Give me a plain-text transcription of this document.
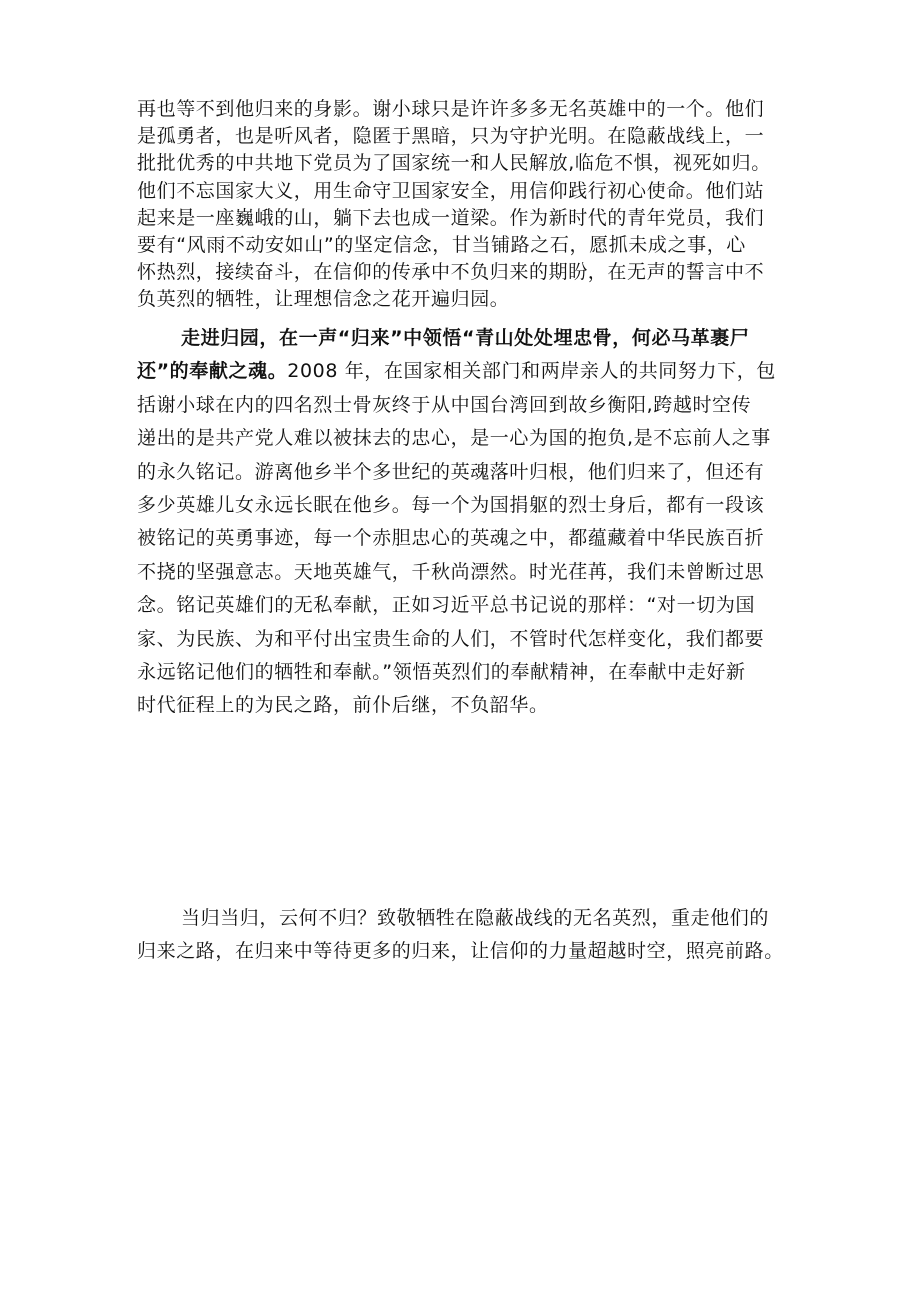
再也等不到他归来的身影。谢小球只是许许多多无名英雄中的一个。他们
是孤勇者，也是听风者，隐匿于黑暗，只为守护光明。在隐蔽战线上，一
批批优秀的中共地下党员为了国家统一和人民解放,临危不惧，视死如归。
他们不忘国家大义，用生命守卫国家安全，用信仰践行初心使命。他们站
起来是一座巍峨的山，躺下去也成一道梁。作为新时代的青年党员，我们
要有“风雨不动安如山”的坚定信念，甘当铺路之石，愿抓未成之事，心
怀热烈，接续奋斗，在信仰的传承中不负归来的期盼，在无声的誓言中不
负英烈的牺牲，让理想信念之花开遍归园。
走进归园，在一声“归来”中领悟“青山处处埋忠骨，何必马革裹尸
还”的奉献之魂。2008 年，在国家相关部门和两岸亲人的共同努力下，包
括谢小球在内的四名烈士骨灰终于从中国台湾回到故乡衡阳,跨越时空传
递出的是共产党人难以被抹去的忠心，是一心为国的抱负,是不忘前人之事
的永久铭记。游离他乡半个多世纪的英魂落叶归根，他们归来了，但还有
多少英雄儿女永远长眠在他乡。每一个为国捐躯的烈士身后，都有一段该
被铭记的英勇事迹，每一个赤胆忠心的英魂之中，都蕴藏着中华民族百折
不挠的坚强意志。天地英雄气，千秋尚漂然。时光荏苒，我们未曾断过思
念。铭记英雄们的无私奉献，正如习近平总书记说的那样：“对一切为国
家、为民族、为和平付出宝贵生命的人们，不管时代怎样变化，我们都要
永远铭记他们的牺牲和奉献。”领悟英烈们的奉献精神，在奉献中走好新
时代征程上的为民之路，前仆后继，不负韶华。
当归当归，云何不归？致敬牺牲在隐蔽战线的无名英烈，重走他们的
归来之路，在归来中等待更多的归来，让信仰的力量超越时空，照亮前路。
